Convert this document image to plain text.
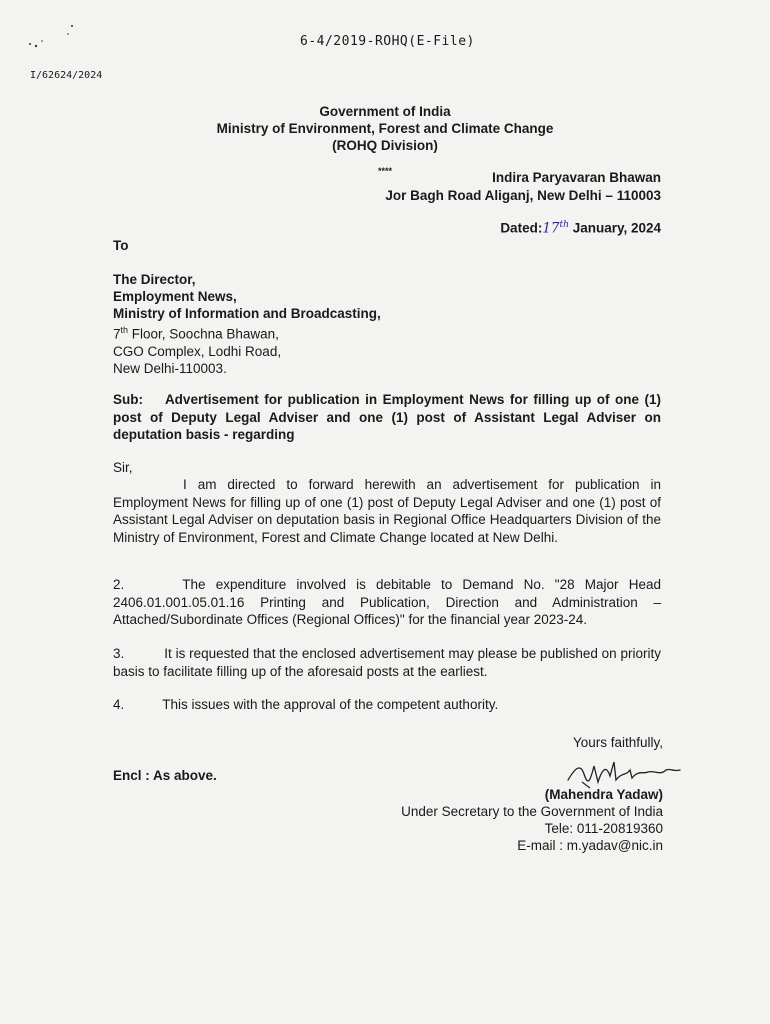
6-4/2019-ROHQ(E-File)
I/62624/2024
Government of India
Ministry of Environment, Forest and Climate Change
(ROHQ Division)
****	Indira Paryavaran Bhawan
Jor Bagh Road Aliganj, New Delhi – 110003
Dated:17th January, 2024
To
The Director,
Employment News,
Ministry of Information and Broadcasting,
7th Floor, Soochna Bhawan,
CGO Complex, Lodhi Road,
New Delhi-110003.
Sub: Advertisement for publication in Employment News for filling up of one (1) post of Deputy Legal Adviser and one (1) post of Assistant Legal Adviser on deputation basis - regarding
Sir,
I am directed to forward herewith an advertisement for publication in Employment News for filling up of one (1) post of Deputy Legal Adviser and one (1) post of Assistant Legal Adviser on deputation basis in Regional Office Headquarters Division of the Ministry of Environment, Forest and Climate Change located at New Delhi.
2.	The expenditure involved is debitable to Demand No. "28 Major Head 2406.01.001.05.01.16 Printing and Publication, Direction and Administration – Attached/Subordinate Offices (Regional Offices)" for the financial year 2023-24.
3.	It is requested that the enclosed advertisement may please be published on priority basis to facilitate filling up of the aforesaid posts at the earliest.
4.	This issues with the approval of the competent authority.
Yours faithfully,
Encl : As above.
(Mahendra Yadaw)
Under Secretary to the Government of India
Tele: 011-20819360
E-mail : m.yadav@nic.in
